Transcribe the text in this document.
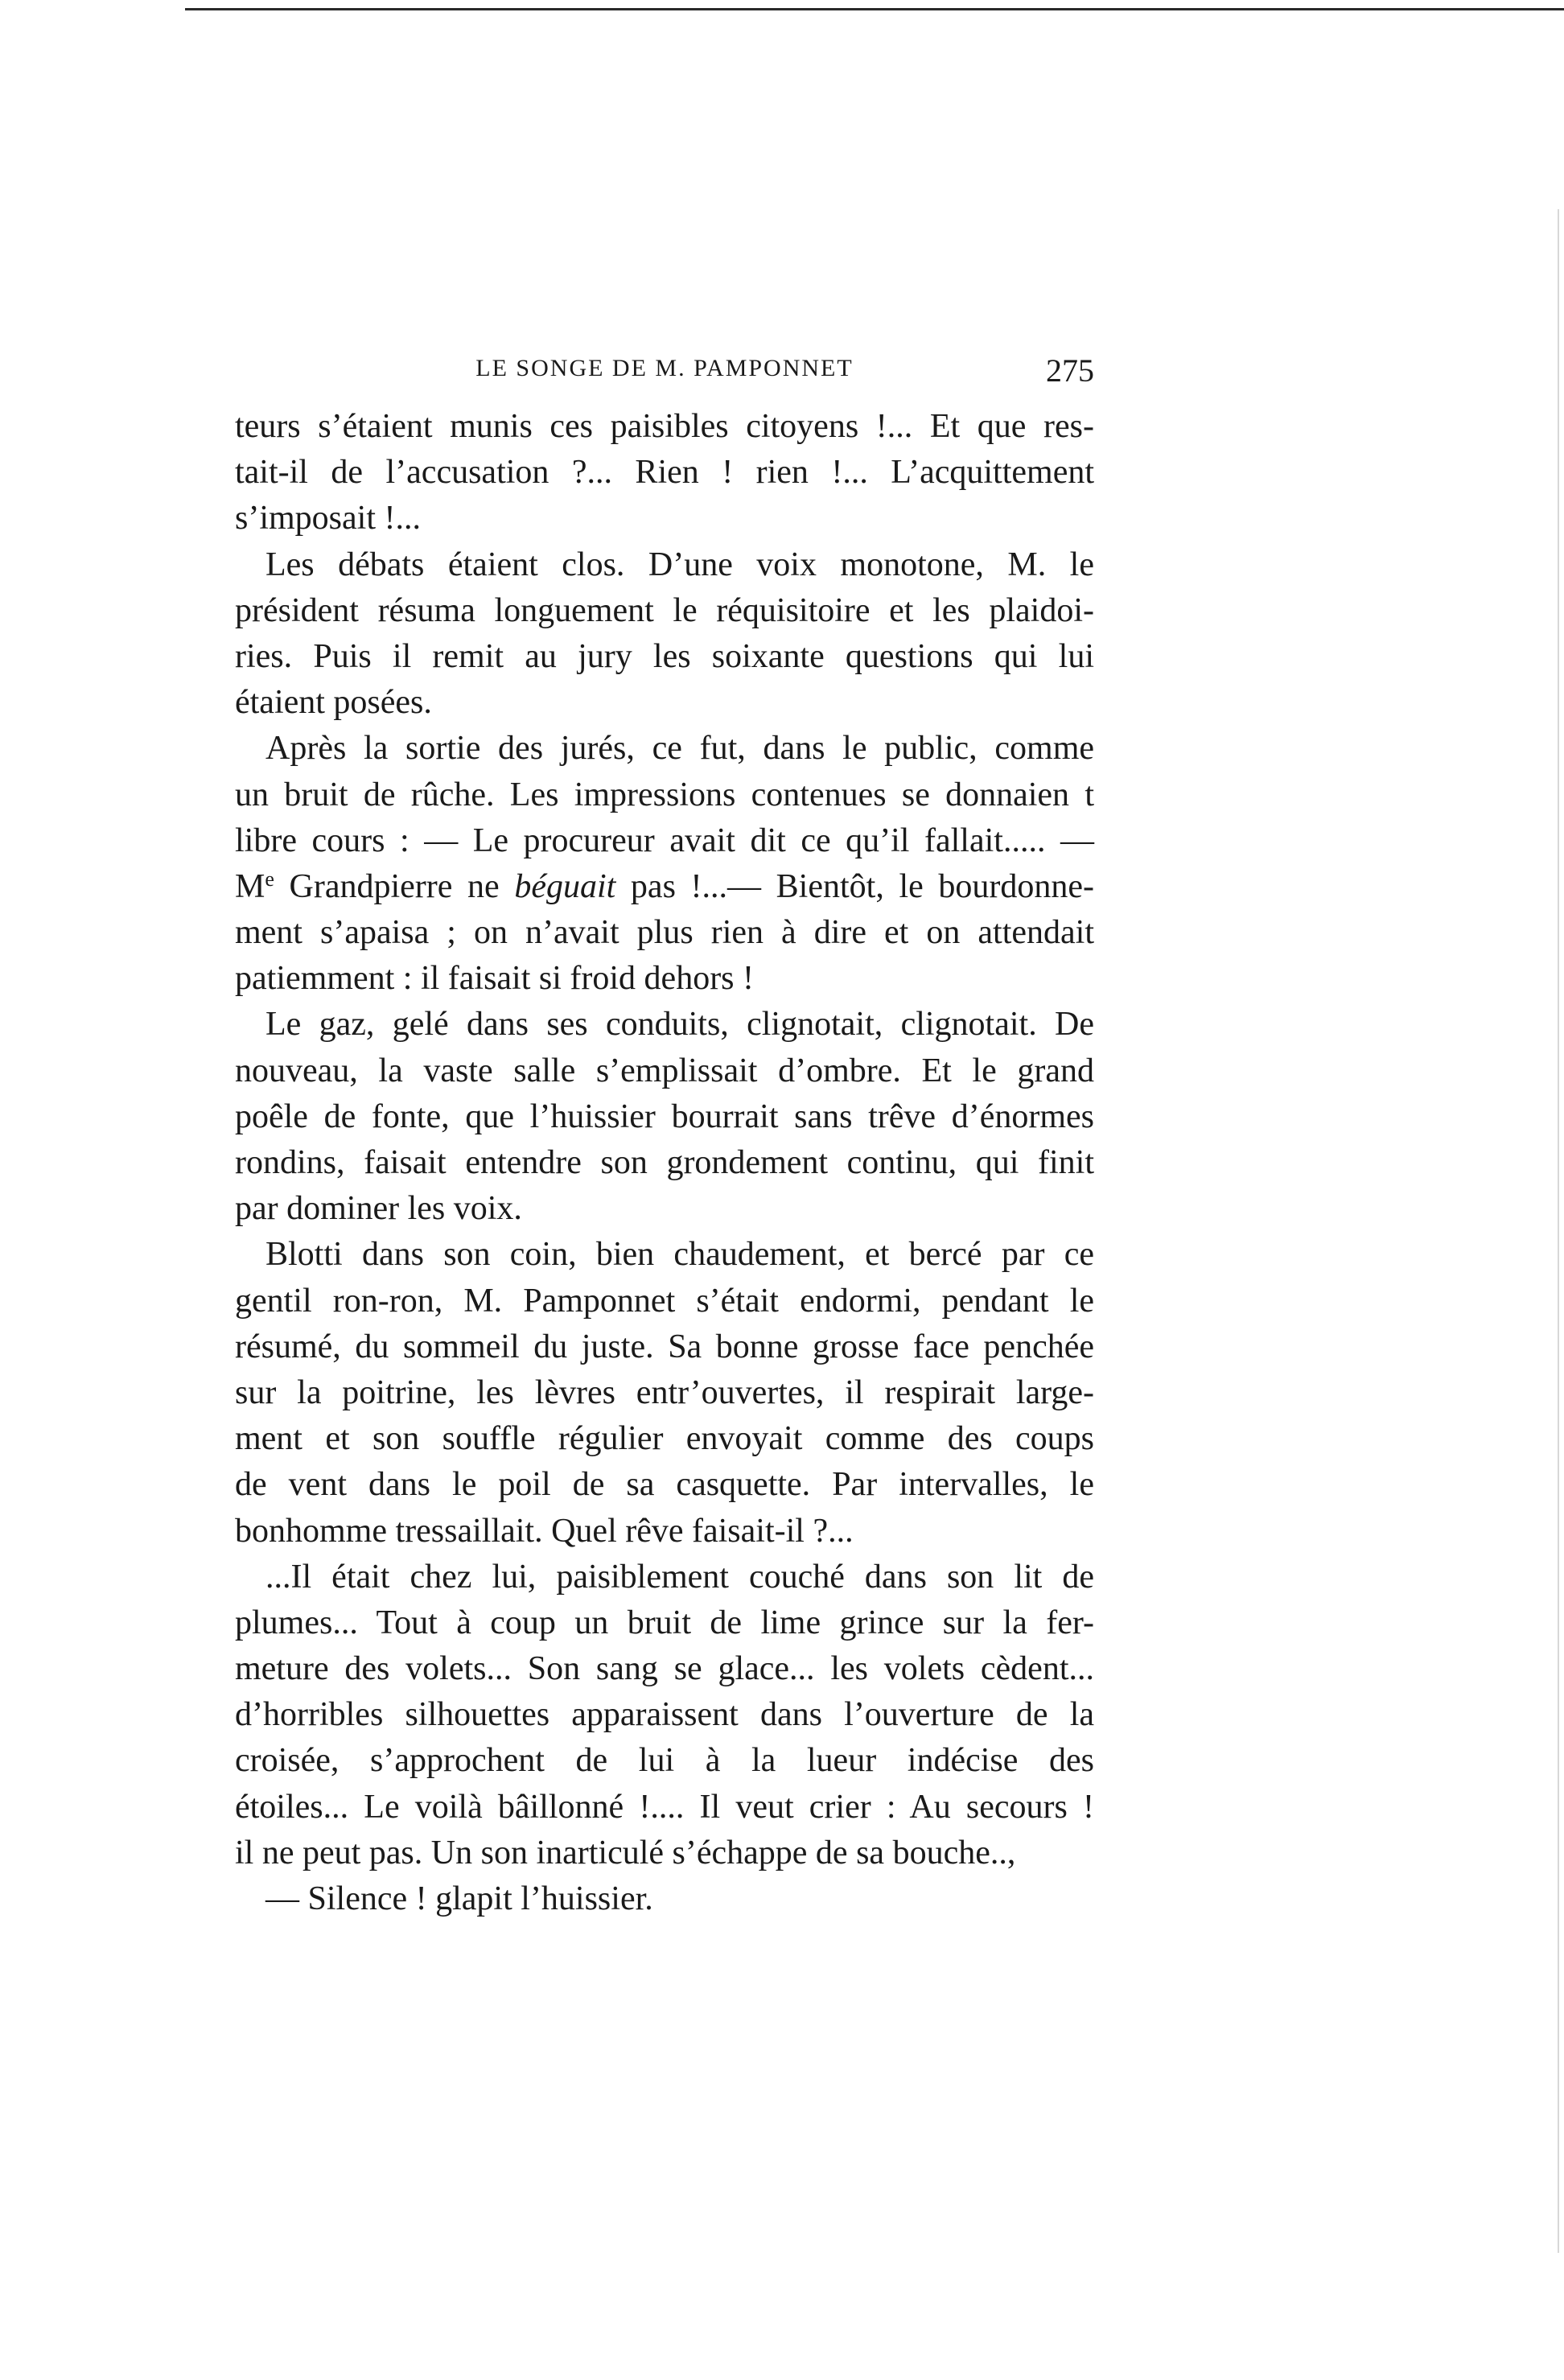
LE SONGE DE M. PAMPONNET	275
teurs s’étaient munis ces paisibles citoyens !... Et que res-
tait-il de l’accusation ?... Rien ! rien !... L’acquittement
s’imposait !...
Les débats étaient clos. D’une voix monotone, M. le
président résuma longuement le réquisitoire et les plaidoi-
ries. Puis il remit au jury les soixante questions qui lui
étaient posées.
Après la sortie des jurés, ce fut, dans le public, comme
un bruit de rûche. Les impressions contenues se donnaien t
libre cours : — Le procureur avait dit ce qu’il fallait..... —
Me Grandpierre ne béguait pas !...— Bientôt, le bourdonne-
ment s’apaisa ; on n’avait plus rien à dire et on attendait
patiemment : il faisait si froid dehors !
Le gaz, gelé dans ses conduits, clignotait, clignotait. De
nouveau, la vaste salle s’emplissait d’ombre. Et le grand
poêle de fonte, que l’huissier bourrait sans trêve d’énormes
rondins, faisait entendre son grondement continu, qui finit
par dominer les voix.
Blotti dans son coin, bien chaudement, et bercé par ce
gentil ron-ron, M. Pamponnet s’était endormi, pendant le
résumé, du sommeil du juste. Sa bonne grosse face penchée
sur la poitrine, les lèvres entr’ouvertes, il respirait large-
ment et son souffle régulier envoyait comme des coups
de vent dans le poil de sa casquette. Par intervalles, le
bonhomme tressaillait. Quel rêve faisait-il ?...
...Il était chez lui, paisiblement couché dans son lit de
plumes... Tout à coup un bruit de lime grince sur la fer-
meture des volets... Son sang se glace... les volets cèdent...
d’horribles silhouettes apparaissent dans l’ouverture de la
croisée, s’approchent de lui à la lueur indécise des
étoiles... Le voilà bâillonné !.... Il veut crier : Au secours !
il ne peut pas. Un son inarticulé s’échappe de sa bouche..,
— Silence ! glapit l’huissier.
